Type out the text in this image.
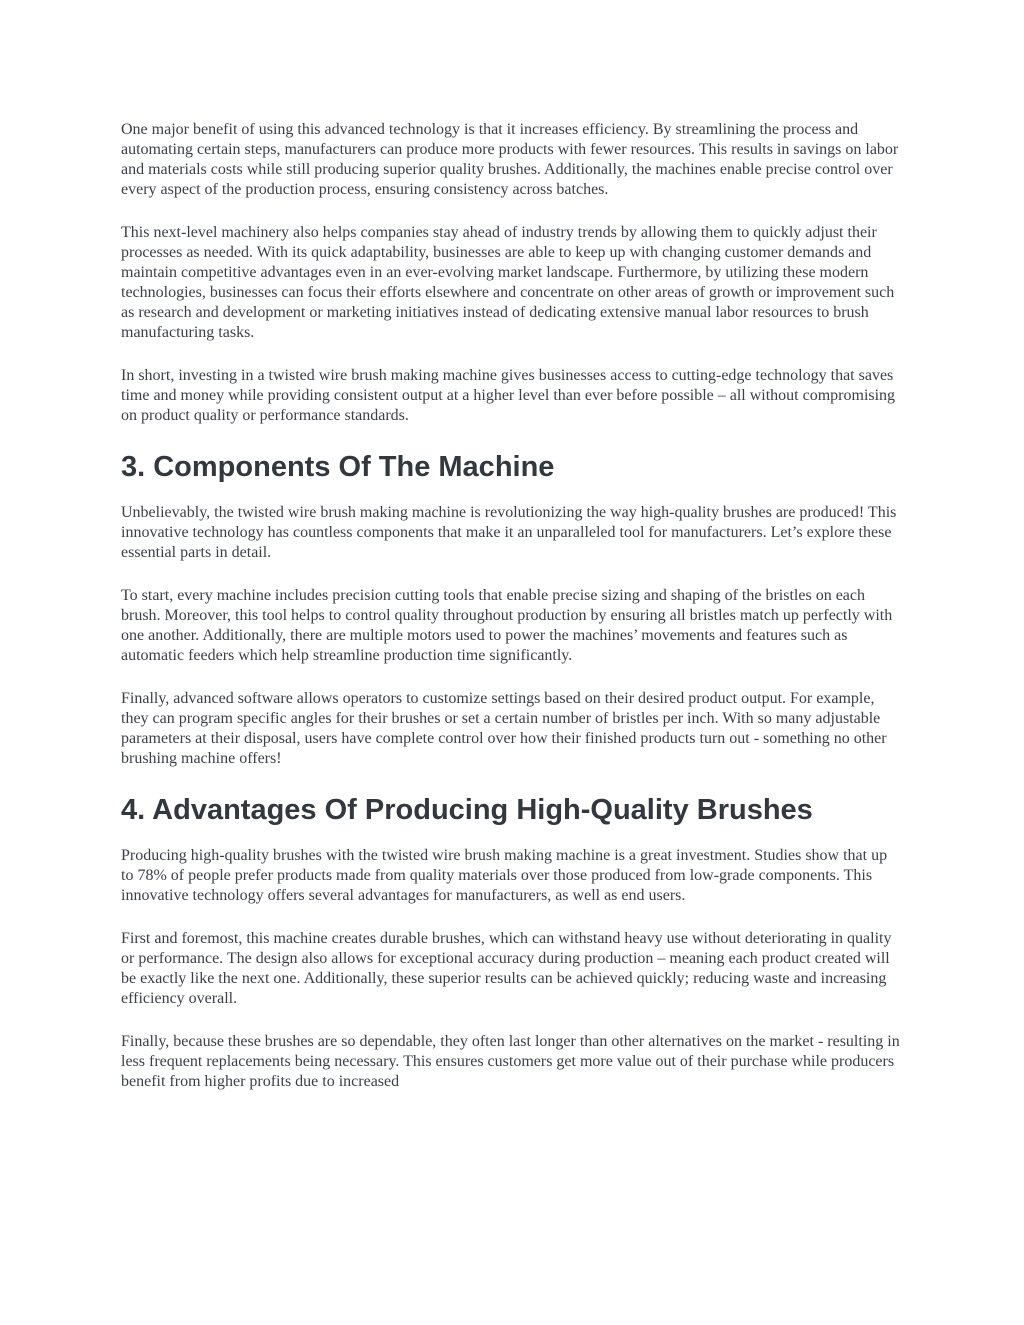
One major benefit of using this advanced technology is that it increases efficiency. By streamlining the process and automating certain steps, manufacturers can produce more products with fewer resources. This results in savings on labor and materials costs while still producing superior quality brushes. Additionally, the machines enable precise control over every aspect of the production process, ensuring consistency across batches.

This next-level machinery also helps companies stay ahead of industry trends by allowing them to quickly adjust their processes as needed. With its quick adaptability, businesses are able to keep up with changing customer demands and maintain competitive advantages even in an ever-evolving market landscape. Furthermore, by utilizing these modern technologies, businesses can focus their efforts elsewhere and concentrate on other areas of growth or improvement such as research and development or marketing initiatives instead of dedicating extensive manual labor resources to brush manufacturing tasks.

In short, investing in a twisted wire brush making machine gives businesses access to cutting-edge technology that saves time and money while providing consistent output at a higher level than ever before possible – all without compromising on product quality or performance standards.

3. Components Of The Machine

Unbelievably, the twisted wire brush making machine is revolutionizing the way high-quality brushes are produced! This innovative technology has countless components that make it an unparalleled tool for manufacturers. Let’s explore these essential parts in detail.

To start, every machine includes precision cutting tools that enable precise sizing and shaping of the bristles on each brush. Moreover, this tool helps to control quality throughout production by ensuring all bristles match up perfectly with one another. Additionally, there are multiple motors used to power the machines’ movements and features such as automatic feeders which help streamline production time significantly.

Finally, advanced software allows operators to customize settings based on their desired product output. For example, they can program specific angles for their brushes or set a certain number of bristles per inch. With so many adjustable parameters at their disposal, users have complete control over how their finished products turn out - something no other brushing machine offers!

4. Advantages Of Producing High-Quality Brushes

Producing high-quality brushes with the twisted wire brush making machine is a great investment. Studies show that up to 78% of people prefer products made from quality materials over those produced from low-grade components. This innovative technology offers several advantages for manufacturers, as well as end users.

First and foremost, this machine creates durable brushes, which can withstand heavy use without deteriorating in quality or performance. The design also allows for exceptional accuracy during production – meaning each product created will be exactly like the next one. Additionally, these superior results can be achieved quickly; reducing waste and increasing efficiency overall.

Finally, because these brushes are so dependable, they often last longer than other alternatives on the market - resulting in less frequent replacements being necessary. This ensures customers get more value out of their purchase while producers benefit from higher profits due to increased
